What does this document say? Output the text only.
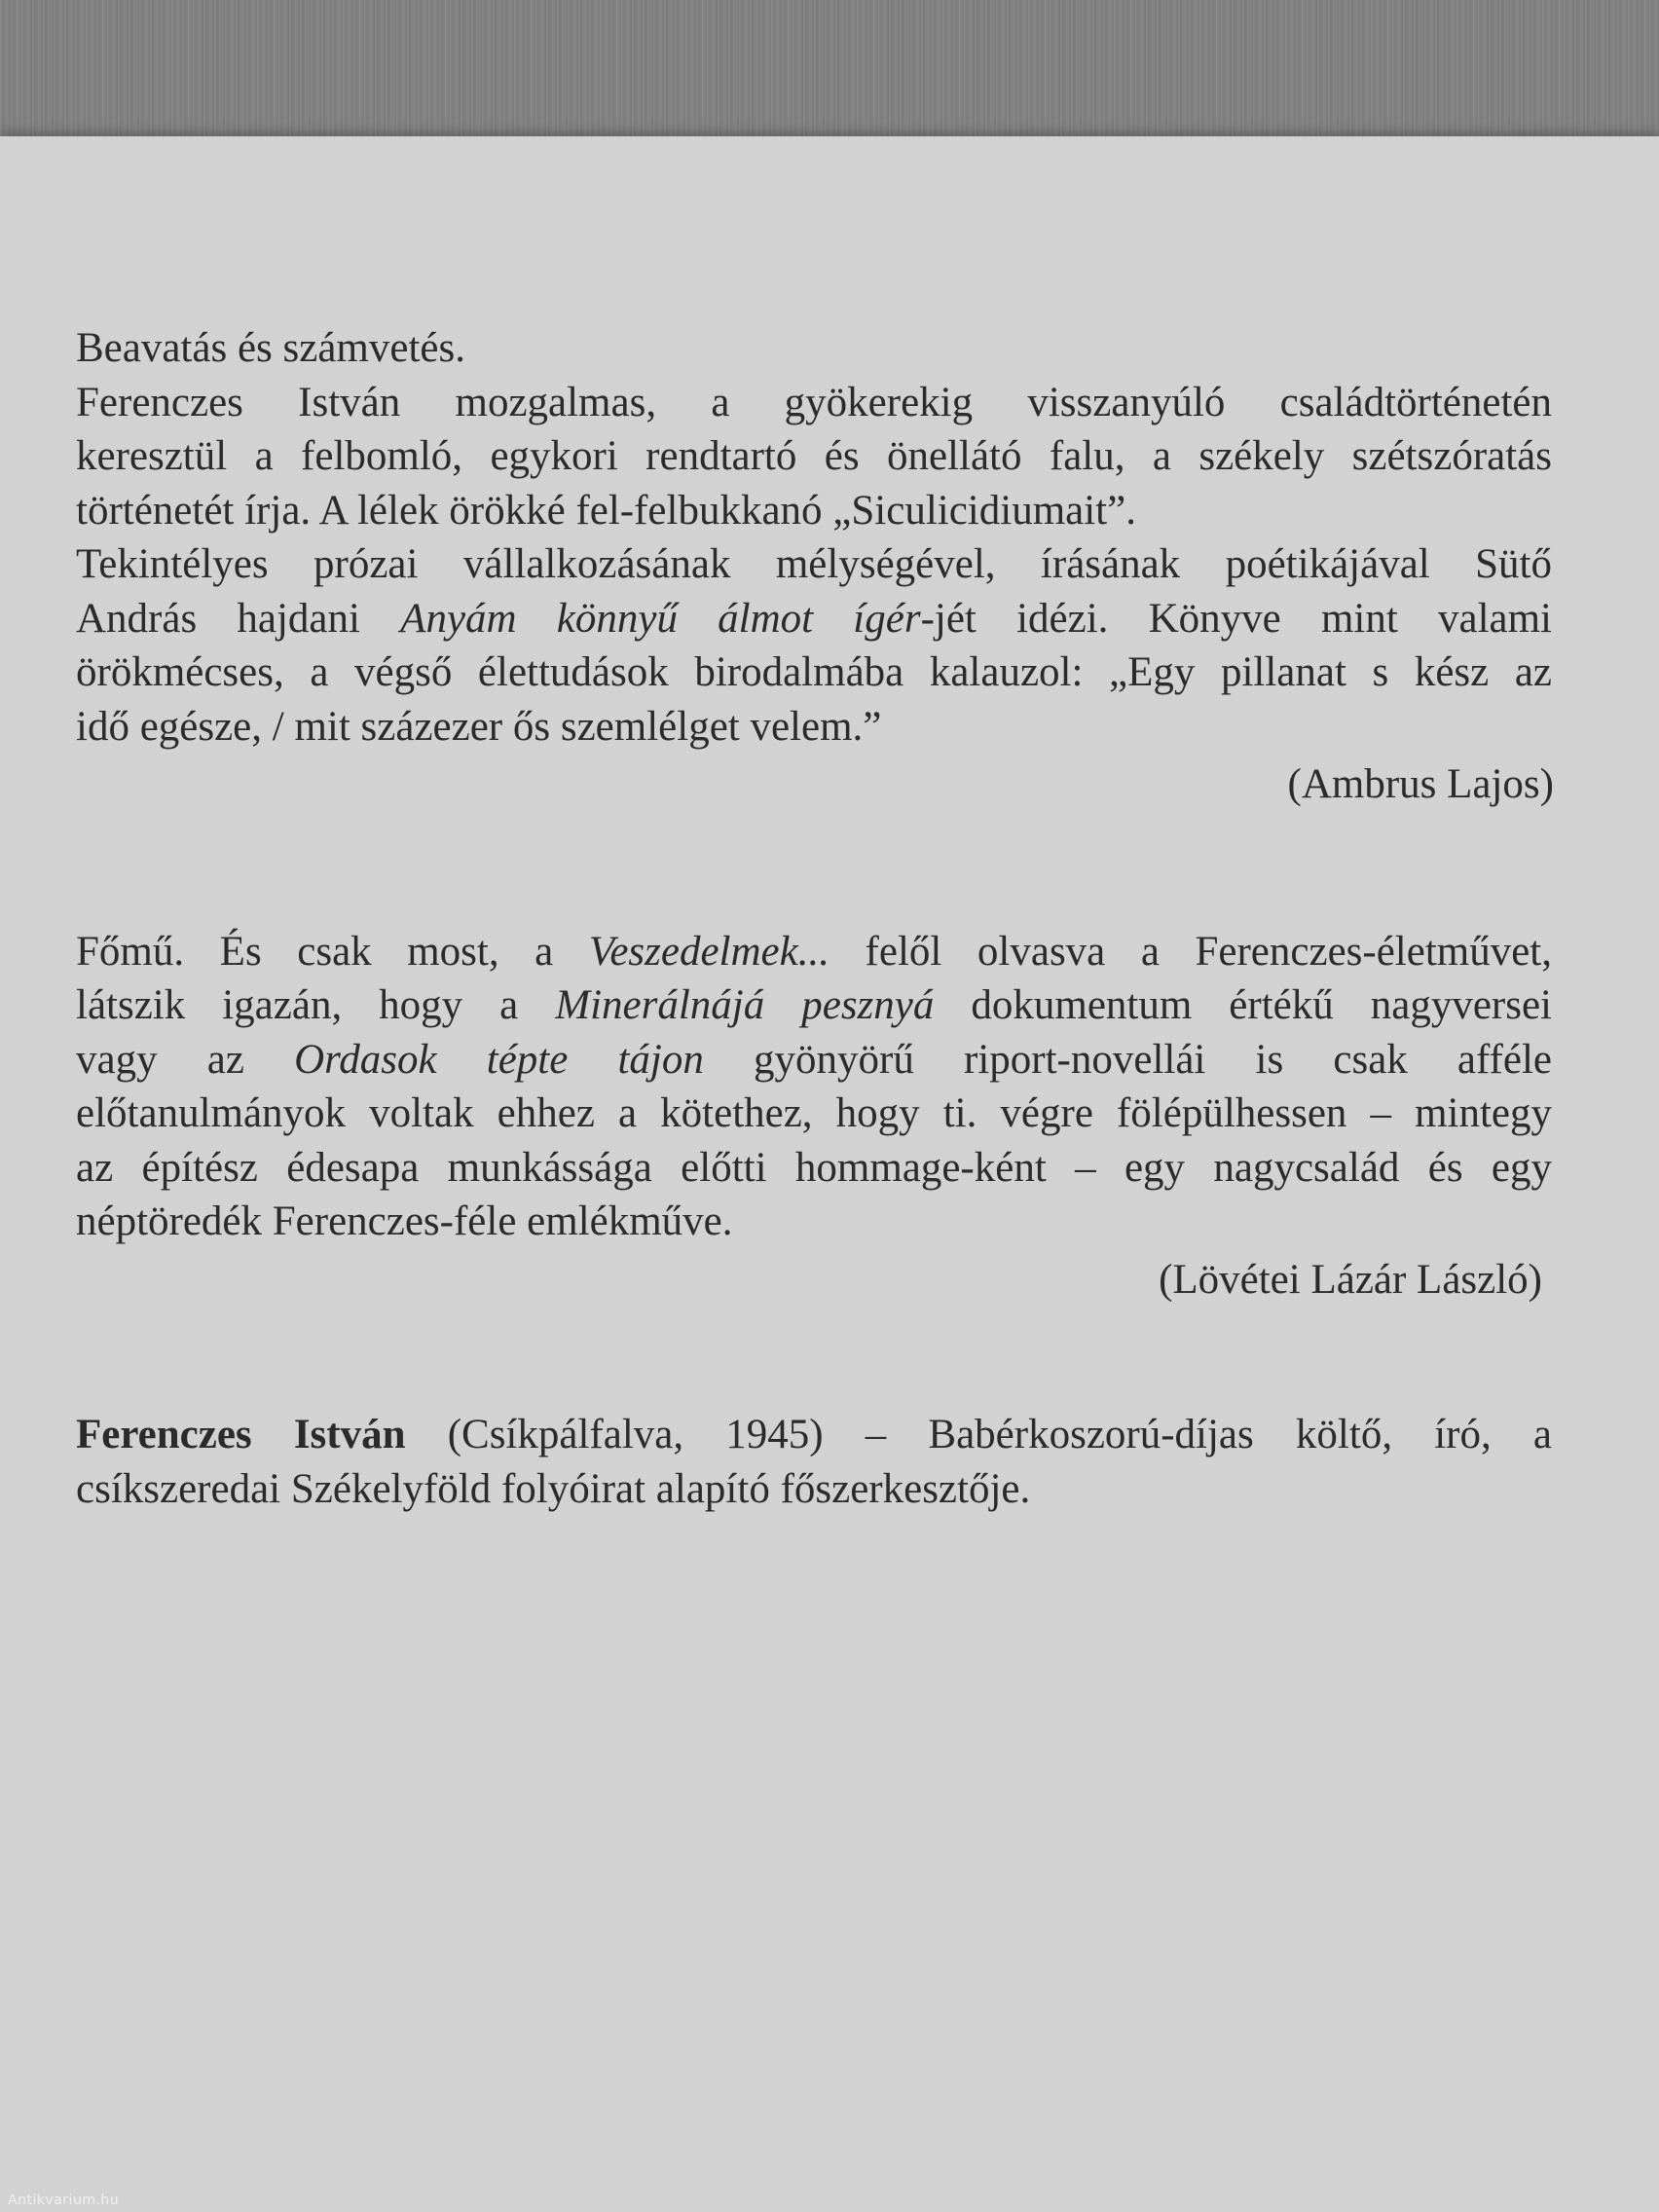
Beavatás és számvetés.
Ferenczes István mozgalmas, a gyökerekig visszanyúló családtörténetén
keresztül a felbomló, egykori rendtartó és önellátó falu, a székely szétszóratás
történetét írja. A lélek örökké fel-felbukkanó „Siculicidiumait”.
Tekintélyes prózai vállalkozásának mélységével, írásának poétikájával Sütő
András hajdani Anyám könnyű álmot ígér-jét idézi. Könyve mint valami
örökmécses, a végső élettudások birodalmába kalauzol: „Egy pillanat s kész az
idő egésze, / mit százezer ős szemlélget velem.”
(Ambrus Lajos)
Főmű. És csak most, a Veszedelmek... felől olvasva a Ferenczes-életművet,
látszik igazán, hogy a Minerálnájá pesznyá dokumentum értékű nagyversei
vagy az Ordasok tépte tájon gyönyörű riport-novellái is csak afféle
előtanulmányok voltak ehhez a kötethez, hogy ti. végre fölépülhessen – mintegy
az építész édesapa munkássága előtti hommage-ként – egy nagycsalád és egy
néptöredék Ferenczes-féle emlékműve.
(Lövétei Lázár László)
Ferenczes István (Csíkpálfalva, 1945) – Babérkoszorú-díjas költő, író, a
csíkszeredai Székelyföld folyóirat alapító főszerkesztője.
Antikvarium.hu
